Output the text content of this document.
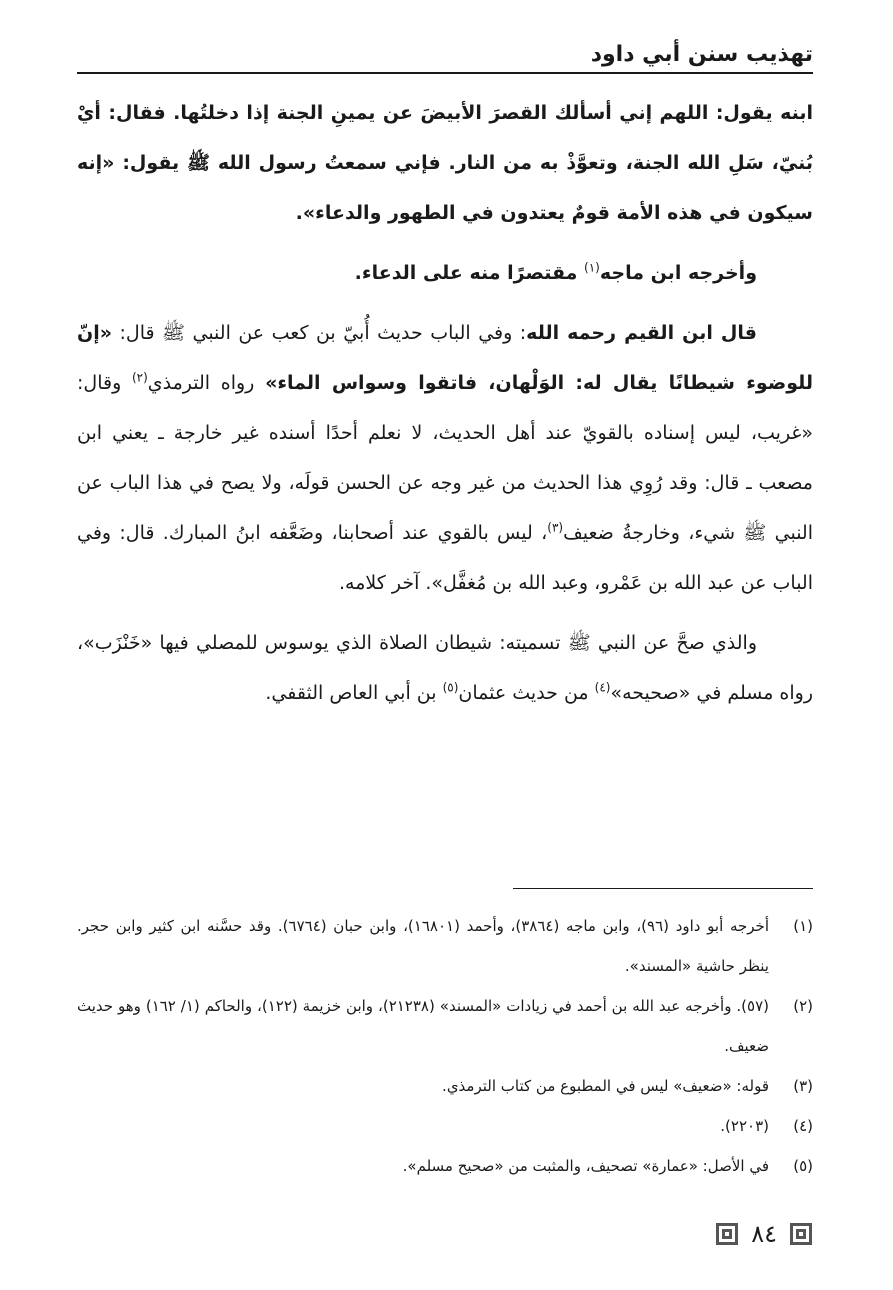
تهذيب سنن أبي داود

ابنه يقول: اللهم إني أسألك القصرَ الأبيضَ عن يمينِ الجنة إذا دخلتُها. فقال: أيْ بُنيّ، سَلِ الله الجنة، وتعوَّذْ به من النار. فإني سمعتُ رسول الله ﷺ يقول: «إنه سيكون في هذه الأمة قومٌ يعتدون في الطهور والدعاء».

وأخرجه ابن ماجه$^{(١)}$ مقتصرًا منه على الدعاء.

قال ابن القيم رحمه الله: وفي الباب حديث أُبيّ بن كعب عن النبي ﷺ قال: «إنّ للوضوء شيطانًا يقال له: الوَلْهان، فاتقوا وسواس الماء» رواه الترمذي$^{(٢)}$ وقال: «غريب، ليس إسناده بالقويّ عند أهل الحديث، لا نعلم أحدًا أسنده غير خارجة ـ يعني ابن مصعب ـ قال: وقد رُوِي هذا الحديث من غير وجه عن الحسن قولَه، ولا يصح في هذا الباب عن النبي ﷺ شيء، وخارجةُ ضعيف$^{(٣)}$، ليس بالقوي عند أصحابنا، وضَعَّفه ابنُ المبارك. قال: وفي الباب عن عبد الله بن عَمْرو، وعبد الله بن مُغفَّل». آخر كلامه.

والذي صحَّ عن النبي ﷺ تسميته: شيطان الصلاة الذي يوسوس للمصلي فيها «خَنْزَب»، رواه مسلم في «صحيحه»$^{(٤)}$ من حديث عثمان$^{(٥)}$ بن أبي العاص الثقفي.

(١)
أخرجه أبو داود (٩٦)، وابن ماجه (٣٨٦٤)، وأحمد (١٦٨٠١)، وابن حبان (٦٧٦٤). وقد حسَّنه ابن كثير وابن حجر. ينظر حاشية «المسند».
(٢)
(٥٧). وأخرجه عبد الله بن أحمد في زيادات «المسند» (٢١٢٣٨)، وابن خزيمة (١٢٢)، والحاكم (١/ ١٦٢) وهو حديث ضعيف.
(٣)
قوله: «ضعيف» ليس في المطبوع من كتاب الترمذي.
(٤)
(٢٢٠٣).
(٥)
في الأصل: «عمارة» تصحيف، والمثبت من «صحيح مسلم».
٨٤
